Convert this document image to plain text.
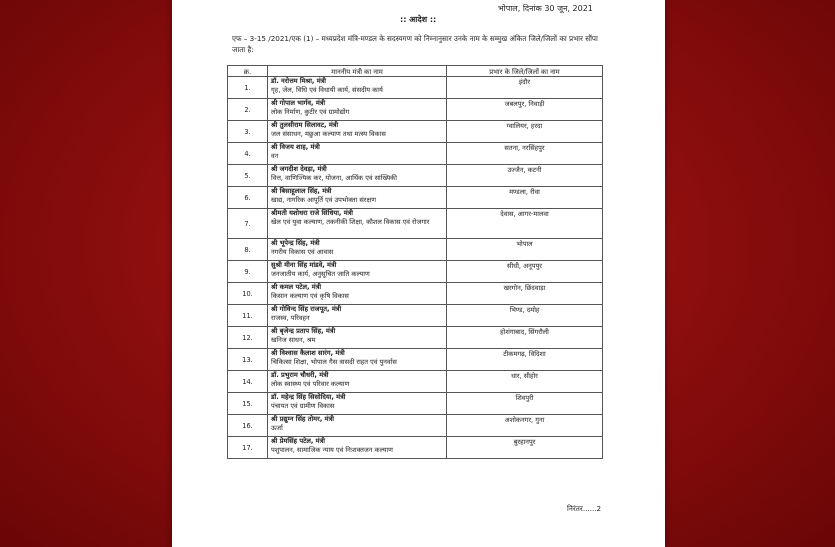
भोपाल, दिनांक 30 जून, 2021
:: आदेश ::
एफ – 3-15 /2021/एक (1) – मध्यप्रदेश मंत्रि-मण्डल के सदस्यगण को निम्नानुसार उनके नाम के सम्मुख अंकित जिले/जिलों का प्रभार सौंपा जाता है:
क्र.	माननीय मंत्री का नाम	प्रभार के जिले/जिलों का नाम
1.	डॉ. नरोत्तम मिश्रा, मंत्री
गृह, जेल, विधि एवं विधायी कार्य, संसदीय कार्य	इंदौर
2.	श्री गोपाल भार्गव, मंत्री
लोक निर्माण, कुटीर एवं ग्रामोद्योग	जबलपुर, निवाड़ी
3.	श्री तुलसीराम सिलावट, मंत्री
जल संसाधन, मछुआ कल्याण तथा मत्स्य विकास	ग्वालियर, हरदा
4.	श्री विजय शाह, मंत्री
वन	सतना, नरसिंहपुर
5.	श्री जगदीश देवड़ा, मंत्री
वित्त, वाणिज्यिक कर, योजना, आर्थिक एवं सांख्यिकी	उज्जैन, कटनी
6.	श्री बिसाहूलाल सिंह, मंत्री
खाद्य, नागरिक आपूर्ति एवं उपभोक्ता संरक्षण	मण्डला, रीवा
7.	श्रीमती यशोधरा राजे सिंधिया, मंत्री
खेल एवं युवा कल्याण, तकनीकी शिक्षा, कौशल विकास एवं रोजगार	देवास, आगर-मालवा
8.	श्री भूपेन्द्र सिंह, मंत्री
नगरीय विकास एवं आवास	भोपाल
9.	सुश्री मीना सिंह मांडवे, मंत्री
जनजातीय कार्य, अनुसूचित जाति कल्याण	सीधी, अनूपपुर
10.	श्री कमल पटेल, मंत्री
किसान कल्याण एवं कृषि विकास	खरगोन, छिंदवाड़ा
11.	श्री गोविन्द सिंह राजपूत, मंत्री
राजस्व, परिवहन	भिण्ड, दमोह
12.	श्री बृजेन्द्र प्रताप सिंह, मंत्री
खनिज साधन, श्रम	होशंगाबाद, सिंगरौली
13.	श्री विश्वास कैलाश सारंग, मंत्री
चिकित्सा शिक्षा, भोपाल गैस त्रासदी राहत एवं पुनर्वास	टीकमगढ़, विदिशा
14.	डॉ. प्रभुराम चौधरी, मंत्री
लोक स्वास्थ्य एवं परिवार कल्याण	धार, सीहोर
15.	डॉ. महेन्द्र सिंह सिसोदिया, मंत्री
पंचायत एवं ग्रामीण विकास	शिवपुरी
16.	श्री प्रद्युम्न सिंह तोमर, मंत्री
ऊर्जा	अशोकनगर, गुना
17.	श्री प्रेमसिंह पटेल, मंत्री
पशुपालन, सामाजिक न्याय एवं निःशक्तजन कल्याण	बुरहानपुर
निरंतर......2
